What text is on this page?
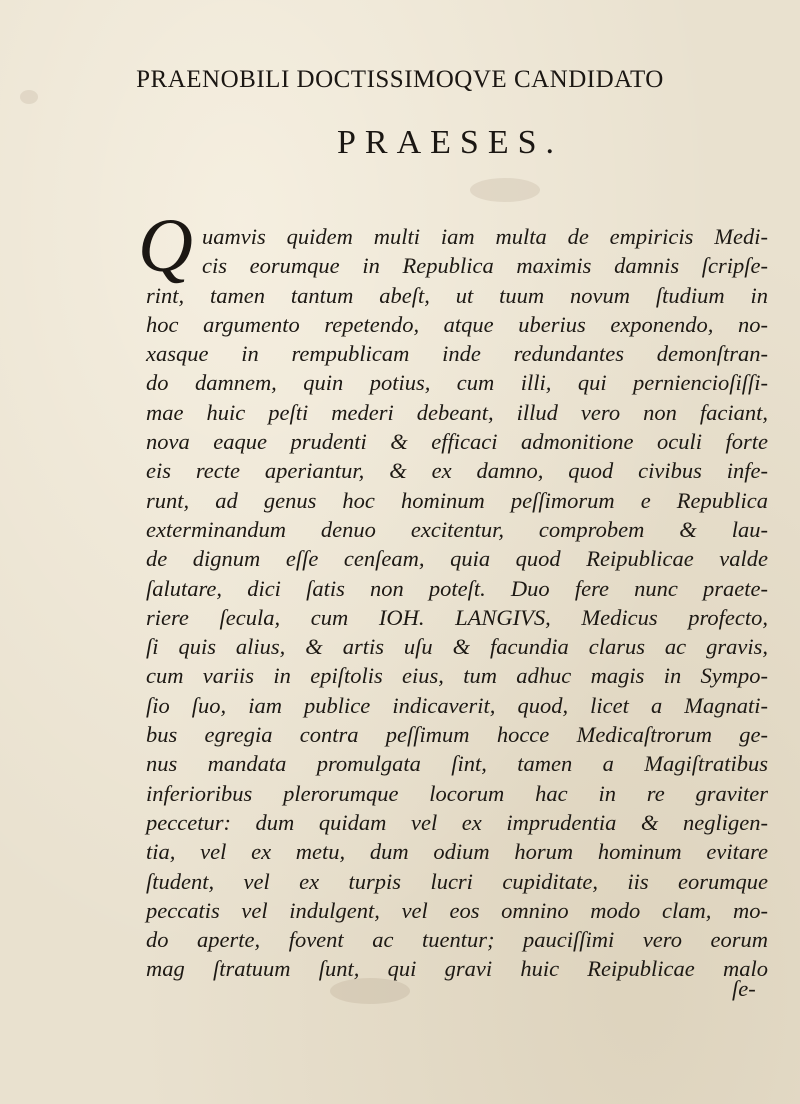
PRAENOBILI DOCTISSIMOQVE CANDIDATO
PRAESES.
Q uamvis quidem multi iam multa de empiricis Medi-
cis eorumque in Republica maximis damnis ſcripſe-
rint, tamen tantum abeſt, ut tuum novum ſtudium in
hoc argumento repetendo, atque uberius exponendo, no-
xasque in rempublicam inde redundantes demonſtran-
do damnem, quin potius, cum illi, qui perniencioſiſſi-
mae huic peſti mederi debeant, illud vero non faciant,
nova eaque prudenti & efficaci admonitione oculi forte
eis recte aperiantur, & ex damno, quod civibus infe-
runt, ad genus hoc hominum peſſimorum e Republica
exterminandum denuo excitentur, comprobem & lau-
de dignum eſſe cenſeam, quia quod Reipublicae valde
ſalutare, dici ſatis non poteſt. Duo fere nunc praete-
riere ſecula, cum IOH. LANGIVS, Medicus profecto,
ſi quis alius, & artis uſu & facundia clarus ac gravis,
cum variis in epiſtolis eius, tum adhuc magis in Sympo-
ſio ſuo, iam publice indicaverit, quod, licet a Magnati-
bus egregia contra peſſimum hocce Medicaſtrorum ge-
nus mandata promulgata ſint, tamen a Magiſtratibus
inferioribus plerorumque locorum hac in re graviter
peccetur: dum quidam vel ex imprudentia & negligen-
tia, vel ex metu, dum odium horum hominum evitare
ſtudent, vel ex turpis lucri cupiditate, iis eorumque
peccatis vel indulgent, vel eos omnino modo clam, mo-
do aperte, fovent ac tuentur; pauciſſimi vero eorum
mag ſtratuum ſunt, qui gravi huic Reipublicae malo
ſe-
